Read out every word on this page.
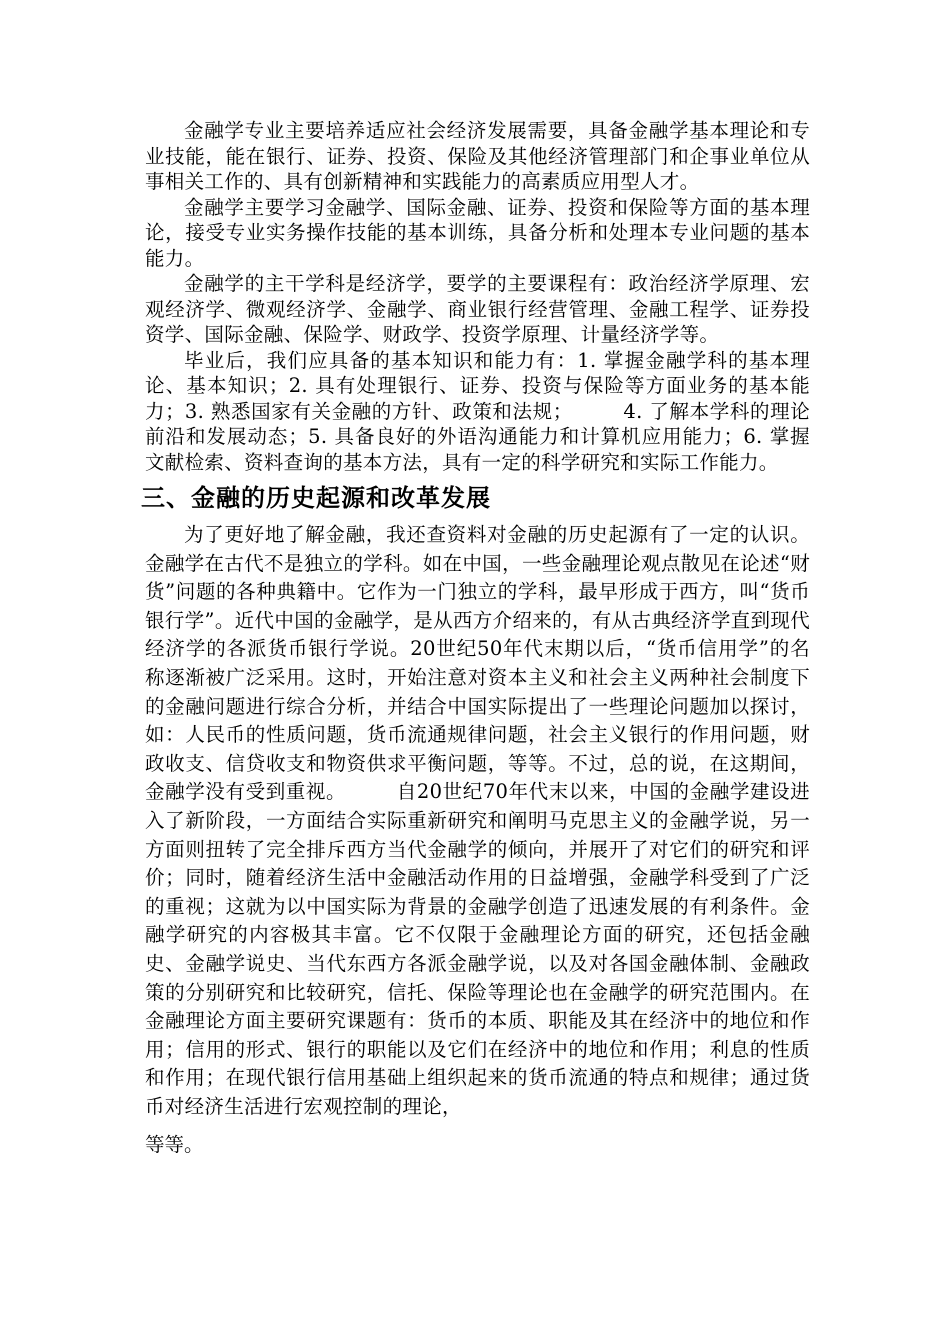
金融学专业主要培养适应社会经济发展需要，具备金融学基本理论和专业技能，能在银行、证券、投资、保险及其他经济管理部门和企事业单位从事相关工作的、具有创新精神和实践能力的高素质应用型人才。

金融学主要学习金融学、国际金融、证券、投资和保险等方面的基本理论，接受专业实务操作技能的基本训练，具备分析和处理本专业问题的基本能力。

金融学的主干学科是经济学，要学的主要课程有：政治经济学原理、宏观经济学、微观经济学、金融学、商业银行经营管理、金融工程学、证券投资学、国际金融、保险学、财政学、投资学原理、计量经济学等。

毕业后，我们应具备的基本知识和能力有：1. 掌握金融学科的基本理论、基本知识；2. 具有处理银行、证券、投资与保险等方面业务的基本能力；3. 熟悉国家有关金融的方针、政策和法规；　　　4. 了解本学科的理论前沿和发展动态；5. 具备良好的外语沟通能力和计算机应用能力；6. 掌握文献检索、资料查询的基本方法，具有一定的科学研究和实际工作能力。

三、金融的历史起源和改革发展

为了更好地了解金融，我还查资料对金融的历史起源有了一定的认识。金融学在古代不是独立的学科。如在中国，一些金融理论观点散见在论述“财货”问题的各种典籍中。它作为一门独立的学科，最早形成于西方，叫“货币银行学”。近代中国的金融学，是从西方介绍来的，有从古典经济学直到现代经济学的各派货币银行学说。20世纪50年代末期以后，“货币信用学”的名称逐渐被广泛采用。这时，开始注意对资本主义和社会主义两种社会制度下的金融问题进行综合分析，并结合中国实际提出了一些理论问题加以探讨，如：人民币的性质问题，货币流通规律问题，社会主义银行的作用问题，财政收支、信贷收支和物资供求平衡问题，等等。不过，总的说，在这期间，金融学没有受到重视。　　　自20世纪70年代末以来，中国的金融学建设进入了新阶段，一方面结合实际重新研究和阐明马克思主义的金融学说，另一方面则扭转了完全排斥西方当代金融学的倾向，并展开了对它们的研究和评价；同时，随着经济生活中金融活动作用的日益增强，金融学科受到了广泛的重视；这就为以中国实际为背景的金融学创造了迅速发展的有利条件。金融学研究的内容极其丰富。它不仅限于金融理论方面的研究，还包括金融史、金融学说史、当代东西方各派金融学说，以及对各国金融体制、金融政策的分别研究和比较研究，信托、保险等理论也在金融学的研究范围内。在金融理论方面主要研究课题有：货币的本质、职能及其在经济中的地位和作用；信用的形式、银行的职能以及它们在经济中的地位和作用；利息的性质和作用；在现代银行信用基础上组织起来的货币流通的特点和规律；通过货币对经济生活进行宏观控制的理论，

等等。
